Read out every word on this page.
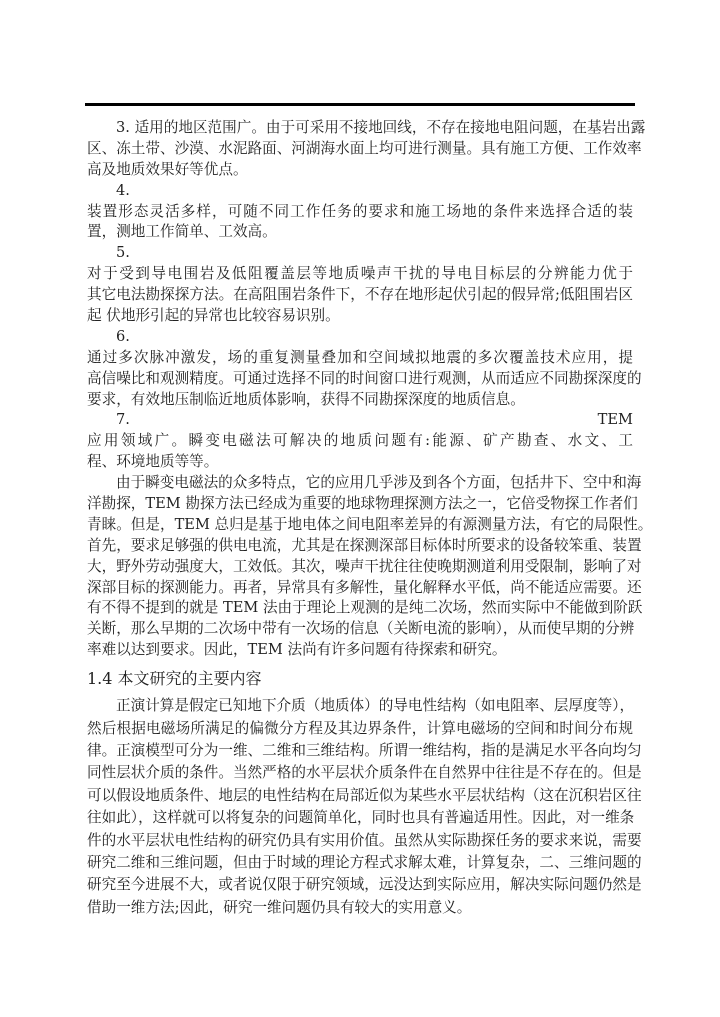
3. 适用的地区范围广。由于可采用不接地回线，不存在接地电阻问题，在基岩出露
区、冻土带、沙漠、水泥路面、河湖海水面上均可进行测量。具有施工方便、工作效率
高及地质效果好等优点。
4.
装置形态灵活多样，可随不同工作任务的要求和施工场地的条件来选择合适的装
置，测地工作简单、工效高。
5.
对于受到导电围岩及低阻覆盖层等地质噪声干扰的导电目标层的分辨能力优于
其它电法勘探探方法。在高阻围岩条件下，不存在地形起伏引起的假异常;低阻围岩区
起 伏地形引起的异常也比较容易识别。
6.
通过多次脉冲激发，场的重复测量叠加和空间域拟地震的多次覆盖技术应用，提
高信噪比和观测精度。可通过选择不同的时间窗口进行观测，从而适应不同勘探深度的
要求，有效地压制临近地质体影响，获得不同勘探深度的地质信息。
7.	TEM
应用领域广。瞬变电磁法可解决的地质问题有:能源、矿产勘查、水文、工
程、环境地质等等。
由于瞬变电磁法的众多特点，它的应用几乎涉及到各个方面，包括井下、空中和海
洋勘探，TEM 勘探方法已经成为重要的地球物理探测方法之一，它倍受物探工作者们
青睐。但是，TEM 总归是基于地电体之间电阻率差异的有源测量方法，有它的局限性。
首先，要求足够强的供电电流，尤其是在探测深部目标体时所要求的设备较笨重、装置
大，野外劳动强度大，工效低。其次，噪声干扰往往使晚期测道利用受限制，影响了对
深部目标的探测能力。再者，异常具有多解性，量化解释水平低，尚不能适应需要。还
有不得不提到的就是 TEM 法由于理论上观测的是纯二次场，然而实际中不能做到阶跃
关断，那么早期的二次场中带有一次场的信息（关断电流的影响），从而使早期的分辨
率难以达到要求。因此，TEM 法尚有许多问题有待探索和研究。
1.4 本文研究的主要内容
正演计算是假定已知地下介质（地质体）的导电性结构（如电阻率、层厚度等），
然后根据电磁场所满足的偏微分方程及其边界条件，计算电磁场的空间和时间分布规
律。正演模型可分为一维、二维和三维结构。所谓一维结构，指的是满足水平各向均匀
同性层状介质的条件。当然严格的水平层状介质条件在自然界中往往是不存在的。但是
可以假设地质条件、地层的电性结构在局部近似为某些水平层状结构（这在沉积岩区往
往如此），这样就可以将复杂的问题简单化，同时也具有普遍适用性。因此，对一维条
件的水平层状电性结构的研究仍具有实用价值。虽然从实际勘探任务的要求来说，需要
研究二维和三维问题，但由于时域的理论方程式求解太难，计算复杂，二、三维问题的
研究至今进展不大，或者说仅限于研究领域，远没达到实际应用，解决实际问题仍然是
借助一维方法;因此，研究一维问题仍具有较大的实用意义。
